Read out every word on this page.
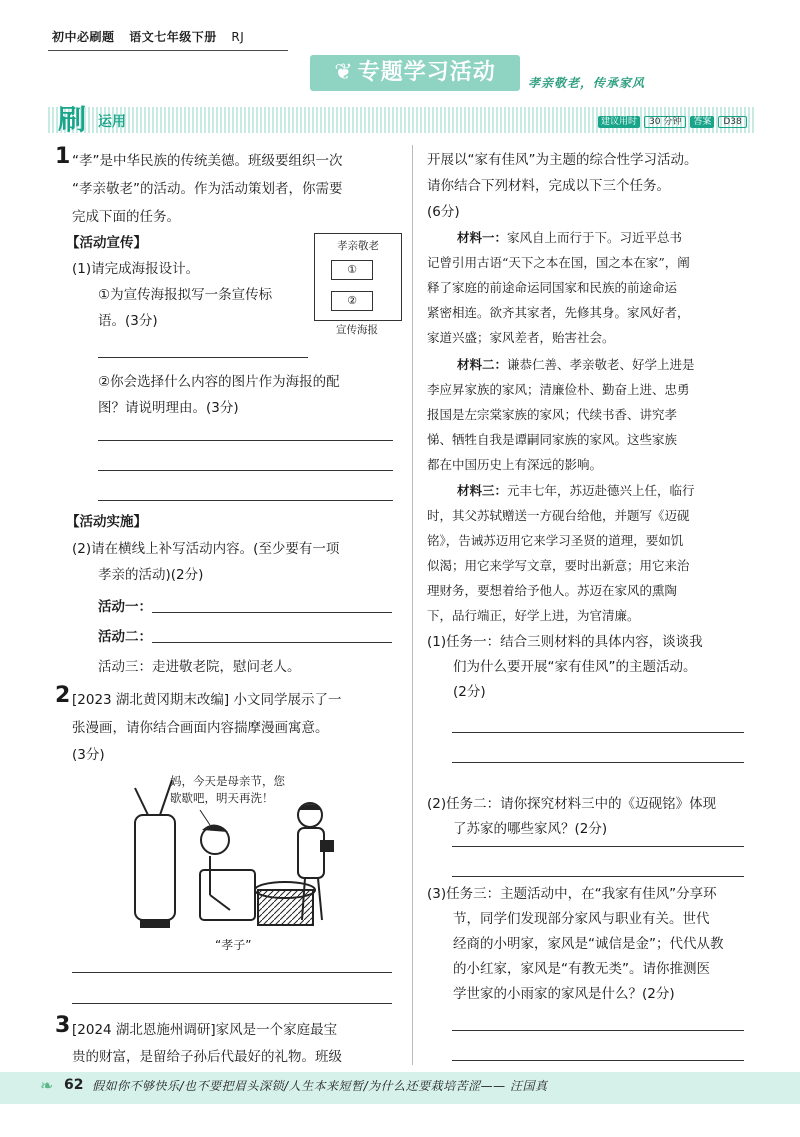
初中必刷题 语文七年级下册 RJ
❦ 专题学习活动	孝亲敬老，传承家风
刷 运用	建议用时 30 分钟 答案 D38
1 “孝”是中华民族的传统美德。班级要组织一次
“孝亲敬老”的活动。作为活动策划者，你需要
完成下面的任务。
【活动宣传】
(1)请完成海报设计。
①为宣传海报拟写一条宣传标
语。(3分)
②你会选择什么内容的图片作为海报的配
图？请说明理由。(3分)
孝亲敬老
①
②
宣传海报
【活动实施】
(2)请在横线上补写活动内容。(至少要有一项
孝亲的活动)(2分)
活动一：
活动二：
活动三：走进敬老院，慰问老人。
2 [2023 湖北黄冈期末改编] 小文同学展示了一
张漫画，请你结合画面内容揣摩漫画寓意。
(3分)
妈，今天是母亲节，您
歇歇吧，明天再洗！
“孝子”
3 [2024 湖北恩施州调研]家风是一个家庭最宝
贵的财富，是留给子孙后代最好的礼物。班级
开展以“家有佳风”为主题的综合性学习活动。
请你结合下列材料，完成以下三个任务。
(6分)
材料一：家风自上而行于下。习近平总书
记曾引用古语“天下之本在国，国之本在家”，阐
释了家庭的前途命运同国家和民族的前途命运
紧密相连。欲齐其家者，先修其身。家风好者，
家道兴盛；家风差者，贻害社会。
材料二：谦恭仁善、孝亲敬老、好学上进是
李应昇家族的家风；清廉俭朴、勤奋上进、忠勇
报国是左宗棠家族的家风；代续书香、讲究孝
悌、牺牲自我是谭嗣同家族的家风。这些家族
都在中国历史上有深远的影响。
材料三：元丰七年，苏迈赴德兴上任，临行
时，其父苏轼赠送一方砚台给他，并题写《迈砚
铭》，告诫苏迈用它来学习圣贤的道理，要如饥
似渴；用它来学写文章，要时出新意；用它来治
理财务，要想着给予他人。苏迈在家风的熏陶
下，品行端正，好学上进，为官清廉。
(1)任务一：结合三则材料的具体内容，谈谈我
们为什么要开展“家有佳风”的主题活动。
(2分)
(2)任务二：请你探究材料三中的《迈砚铭》体现
了苏家的哪些家风？(2分)
(3)任务三：主题活动中，在“我家有佳风”分享环
节，同学们发现部分家风与职业有关。世代
经商的小明家，家风是“诚信是金”；代代从教
的小红家，家风是“有教无类”。请你推测医
学世家的小雨家的家风是什么？(2分)
❧ 62 假如你不够快乐/也不要把眉头深锁/人生本来短暂/为什么还要栽培苦涩—— 汪国真
